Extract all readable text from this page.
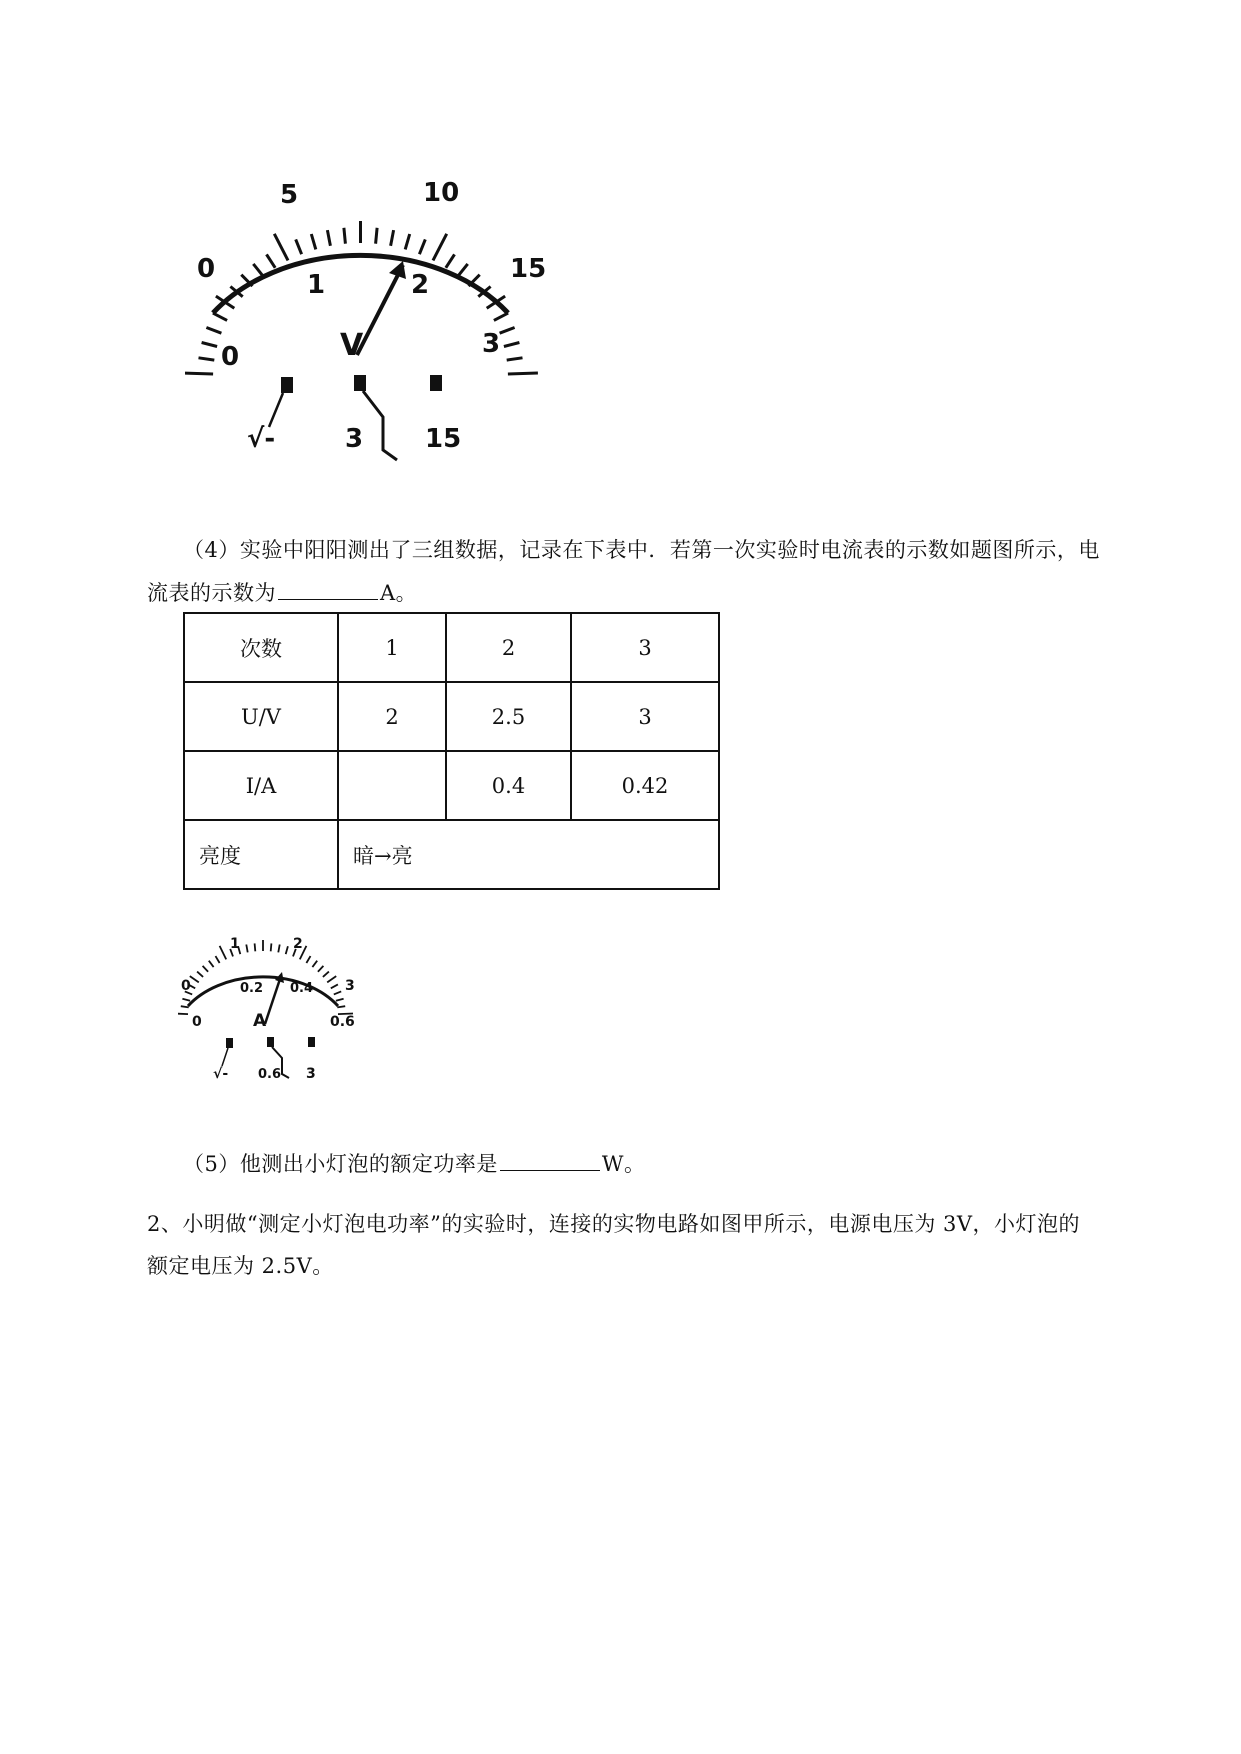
0
5	10
15
0
1	2
3
V
√-	3 15
（4）实验中阳阳测出了三组数据，记录在下表中．若第一次实验时电流表的示数如题图所示，电
流表的示数为	A。
次数	1	2	3
U/V	2	2.5	3
I/A		0.4	0.42
亮度	暗→亮		
0
1	2
3
0
0.2 0.4
0.6
A
√- 0.6 3
（5）他测出小灯泡的额定功率是	W。
2、小明做“测定小灯泡电功率”的实验时，连接的实物电路如图甲所示，电源电压为 3V，小灯泡的
额定电压为 2.5V。
